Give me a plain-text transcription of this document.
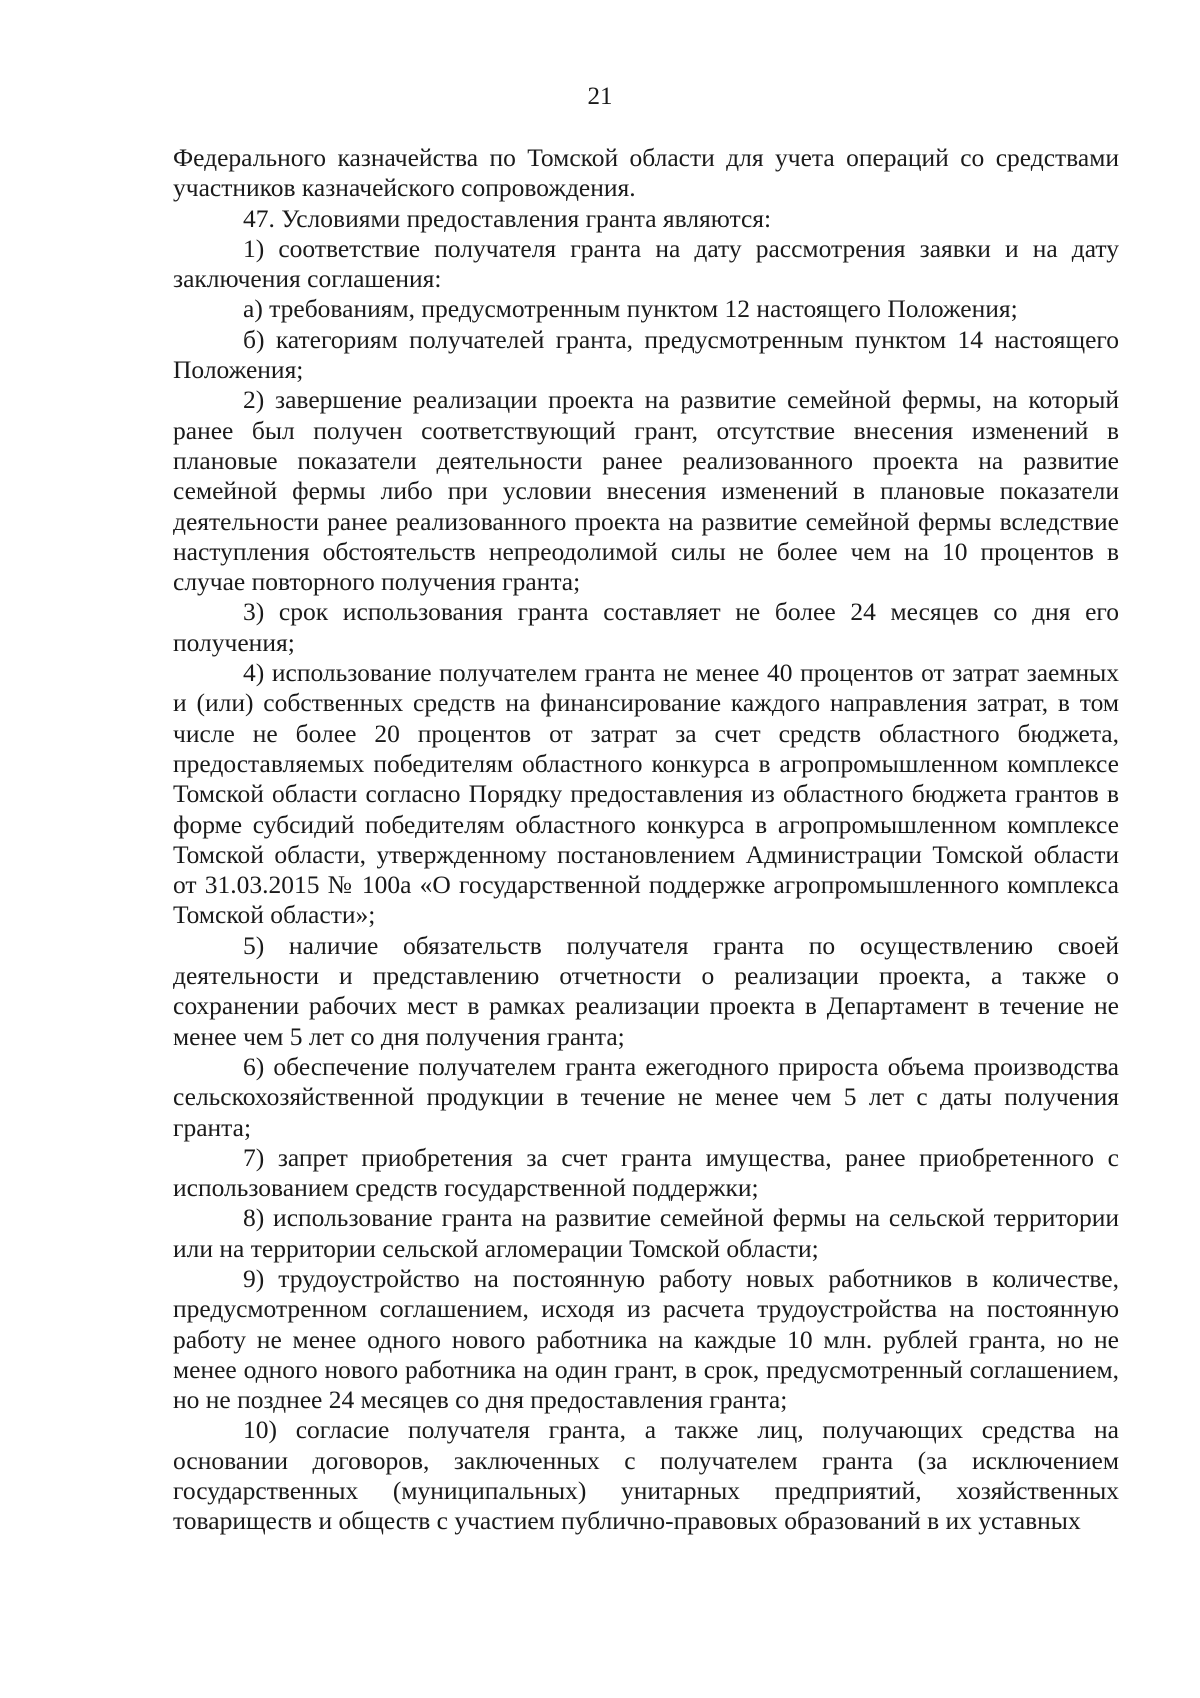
21

Федерального казначейства по Томской области для учета операций со средствами участников казначейского сопровождения.

47. Условиями предоставления гранта являются:

1) соответствие получателя гранта на дату рассмотрения заявки и на дату заключения соглашения:

а) требованиям, предусмотренным пунктом 12 настоящего Положения;

б) категориям получателей гранта, предусмотренным пунктом 14 настоящего Положения;

2) завершение реализации проекта на развитие семейной фермы, на который ранее был получен соответствующий грант, отсутствие внесения изменений в плановые показатели деятельности ранее реализованного проекта на развитие семейной фермы либо при условии внесения изменений в плановые показатели деятельности ранее реализованного проекта на развитие семейной фермы вследствие наступления обстоятельств непреодолимой силы не более чем на 10 процентов в случае повторного получения гранта;

3) срок использования гранта составляет не более 24 месяцев со дня его получения;

4) использование получателем гранта не менее 40 процентов от затрат заемных и (или) собственных средств на финансирование каждого направления затрат, в том числе не более 20 процентов от затрат за счет средств областного бюджета, предоставляемых победителям областного конкурса в агропромышленном комплексе Томской области согласно Порядку предоставления из областного бюджета грантов в форме субсидий победителям областного конкурса в агропромышленном комплексе Томской области, утвержденному постановлением Администрации Томской области от 31.03.2015 № 100а «О государственной поддержке агропромышленного комплекса Томской области»;

5) наличие обязательств получателя гранта по осуществлению своей деятельности и представлению отчетности о реализации проекта, а также о сохранении рабочих мест в рамках реализации проекта в Департамент в течение не менее чем 5 лет со дня получения гранта;

6) обеспечение получателем гранта ежегодного прироста объема производства сельскохозяйственной продукции в течение не менее чем 5 лет с даты получения гранта;

7) запрет приобретения за счет гранта имущества, ранее приобретенного с использованием средств государственной поддержки;

8) использование гранта на развитие семейной фермы на сельской территории или на территории сельской агломерации Томской области;

9) трудоустройство на постоянную работу новых работников в количестве, предусмотренном соглашением, исходя из расчета трудоустройства на постоянную работу не менее одного нового работника на каждые 10 млн. рублей гранта, но не менее одного нового работника на один грант, в срок, предусмотренный соглашением, но не позднее 24 месяцев со дня предоставления гранта;

10) согласие получателя гранта, а также лиц, получающих средства на основании договоров, заключенных с получателем гранта (за исключением государственных (муниципальных) унитарных предприятий, хозяйственных товариществ и обществ с участием публично-правовых образований в их уставных
